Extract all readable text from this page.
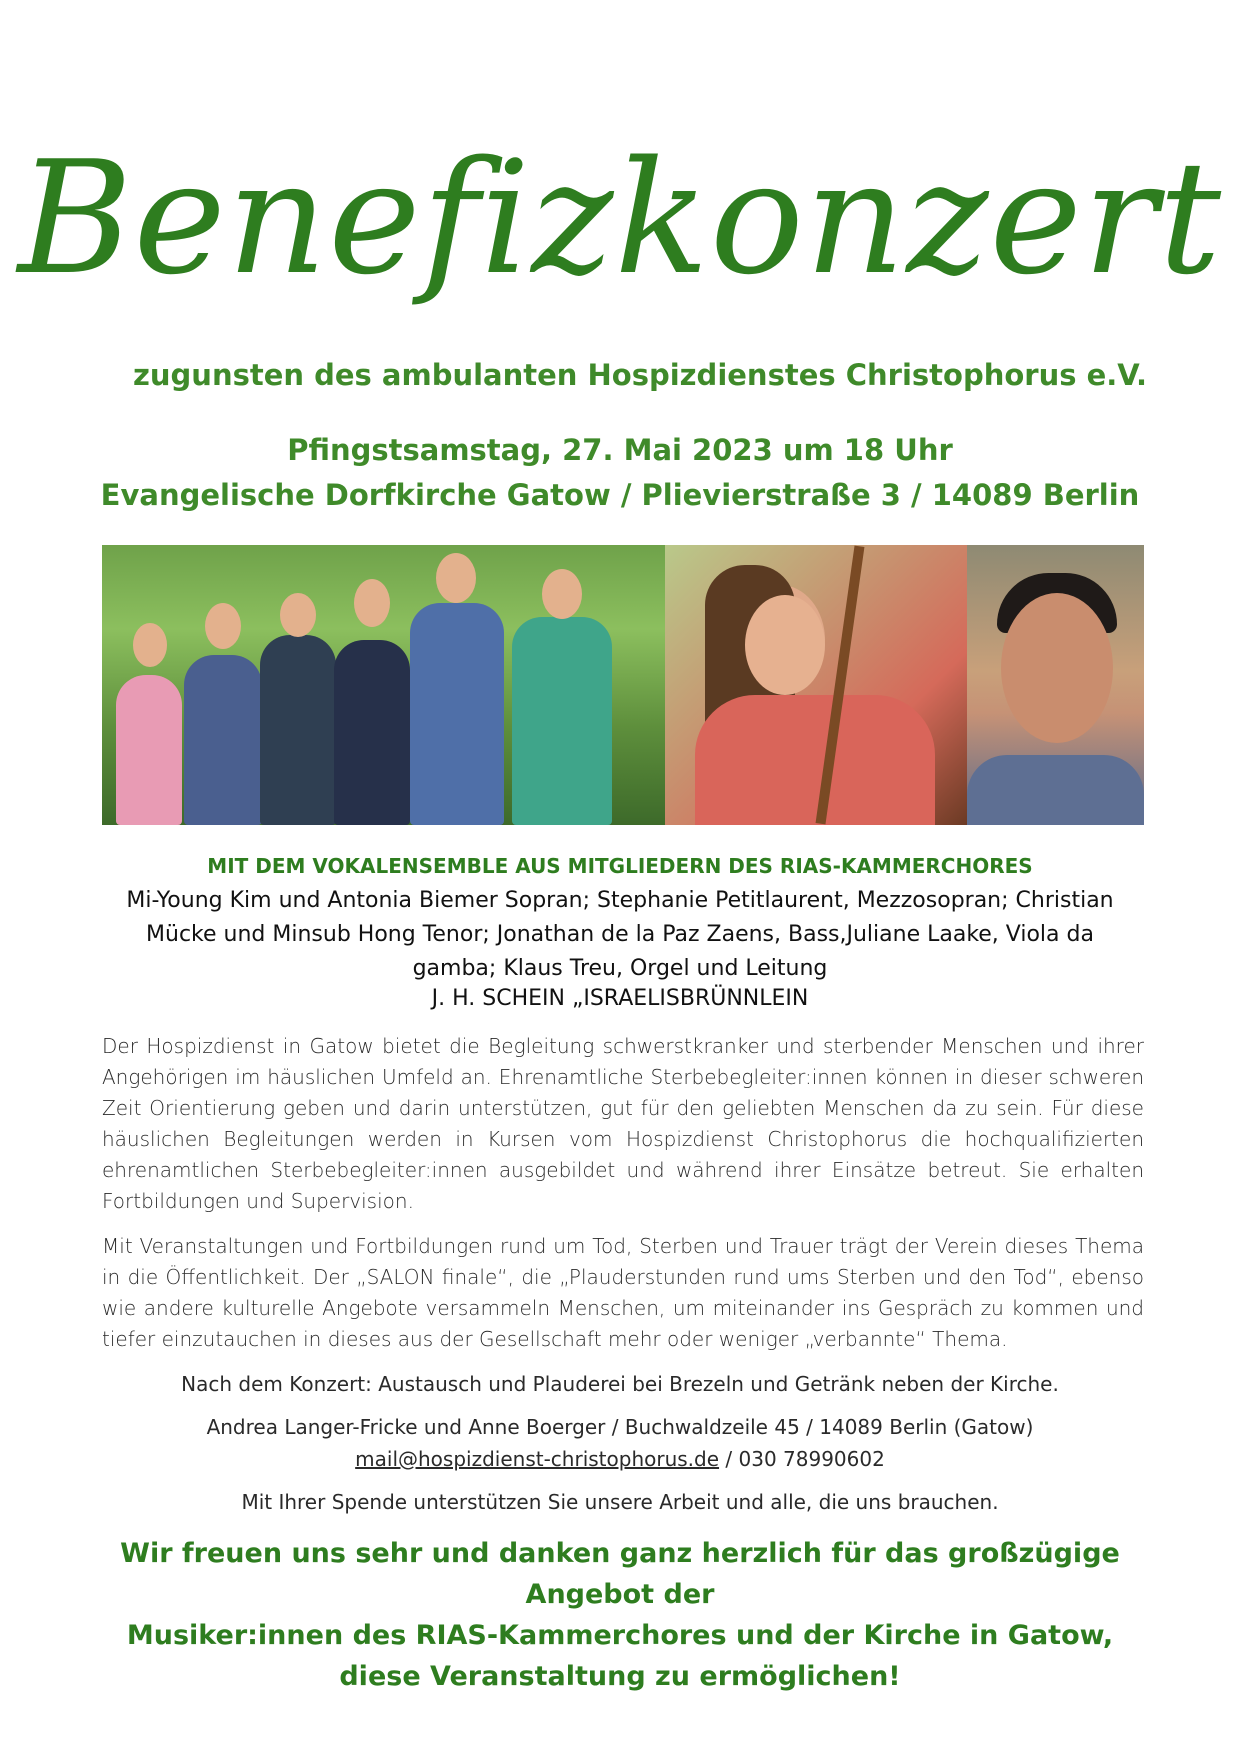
Benefizkonzert
zugunsten des ambulanten Hospizdienstes Christophorus e.V.
Pfingstsamstag, 27. Mai 2023 um 18 Uhr
Evangelische Dorfkirche Gatow / Plievierstraße 3 / 14089 Berlin
MIT DEM VOKALENSEMBLE AUS MITGLIEDERN DES RIAS-KAMMERCHORES
Mi-Young Kim und Antonia Biemer Sopran; Stephanie Petitlaurent, Mezzosopran; Christian
Mücke und Minsub Hong Tenor; Jonathan de la Paz Zaens, Bass,Juliane Laake, Viola da
gamba; Klaus Treu, Orgel und Leitung
J. H. SCHEIN „ISRAELISBRÜNNLEIN
Der Hospizdienst in Gatow bietet die Begleitung schwerstkranker und sterbender Menschen und ihrer Angehörigen im häuslichen Umfeld an. Ehrenamtliche Sterbebegleiter:innen können in dieser schweren Zeit Orientierung geben und darin unterstützen, gut für den geliebten Menschen da zu sein. Für diese häuslichen Begleitungen werden in Kursen vom Hospizdienst Christophorus die hochqualifizierten ehrenamtlichen Sterbebegleiter:innen ausgebildet und während ihrer Einsätze betreut. Sie erhalten Fortbildungen und Supervision.
Mit Veranstaltungen und Fortbildungen rund um Tod, Sterben und Trauer trägt der Verein dieses Thema in die Öffentlichkeit. Der „SALON finale“, die „Plauderstunden rund ums Sterben und den Tod“, ebenso wie andere kulturelle Angebote versammeln Menschen, um miteinander ins Gespräch zu kommen und tiefer einzutauchen in dieses aus der Gesellschaft mehr oder weniger „verbannte“ Thema.
Nach dem Konzert: Austausch und Plauderei bei Brezeln und Getränk neben der Kirche.
Andrea Langer-Fricke und Anne Boerger / Buchwaldzeile 45 / 14089 Berlin (Gatow)
mail@hospizdienst-christophorus.de / 030 78990602
Mit Ihrer Spende unterstützen Sie unsere Arbeit und alle, die uns brauchen.
Wir freuen uns sehr und danken ganz herzlich für das großzügige Angebot der
Musiker:innen des RIAS-Kammerchores und der Kirche in Gatow,
diese Veranstaltung zu ermöglichen!
